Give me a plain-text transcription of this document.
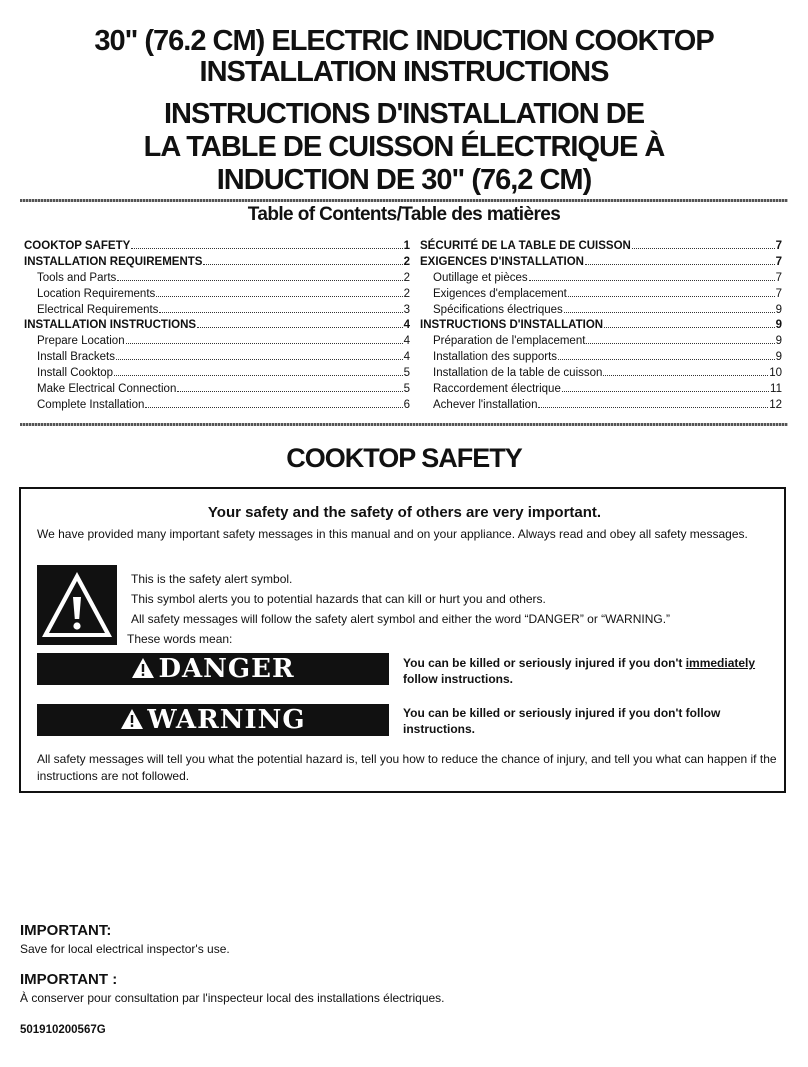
30" (76.2 CM) ELECTRIC INDUCTION COOKTOP
INSTALLATION INSTRUCTIONS
INSTRUCTIONS D'INSTALLATION DE
LA TABLE DE CUISSON ÉLECTRIQUE À
INDUCTION DE 30" (76,2 CM)
Table of Contents/Table des matières
COOKTOP SAFETY	1
INSTALLATION REQUIREMENTS	2
Tools and Parts	2
Location Requirements	2
Electrical Requirements	3
INSTALLATION INSTRUCTIONS	4
Prepare Location	4
Install Brackets	4
Install Cooktop	5
Make Electrical Connection	5
Complete Installation	6
SÉCURITÉ DE LA TABLE DE CUISSON	7
EXIGENCES D'INSTALLATION	7
Outillage et pièces	7
Exigences d'emplacement	7
Spécifications électriques	9
INSTRUCTIONS D'INSTALLATION	9
Préparation de l'emplacement	9
Installation des supports	9
Installation de la table de cuisson	10
Raccordement électrique	11
Achever l'installation	12
COOKTOP SAFETY
Your safety and the safety of others are very important.
We have provided many important safety messages in this manual and on your appliance. Always read and obey all safety messages.
This is the safety alert symbol.
This symbol alerts you to potential hazards that can kill or hurt you and others.
All safety messages will follow the safety alert symbol and either the word “DANGER” or “WARNING.”
These words mean:
DANGER	You can be killed or seriously injured if you don't immediately follow instructions.
WARNING	You can be killed or seriously injured if you don't follow instructions.
All safety messages will tell you what the potential hazard is, tell you how to reduce the chance of injury, and tell you what can happen if the instructions are not followed.
IMPORTANT:
Save for local electrical inspector's use.
IMPORTANT :
À conserver pour consultation par l'inspecteur local des installations électriques.
501910200567G
